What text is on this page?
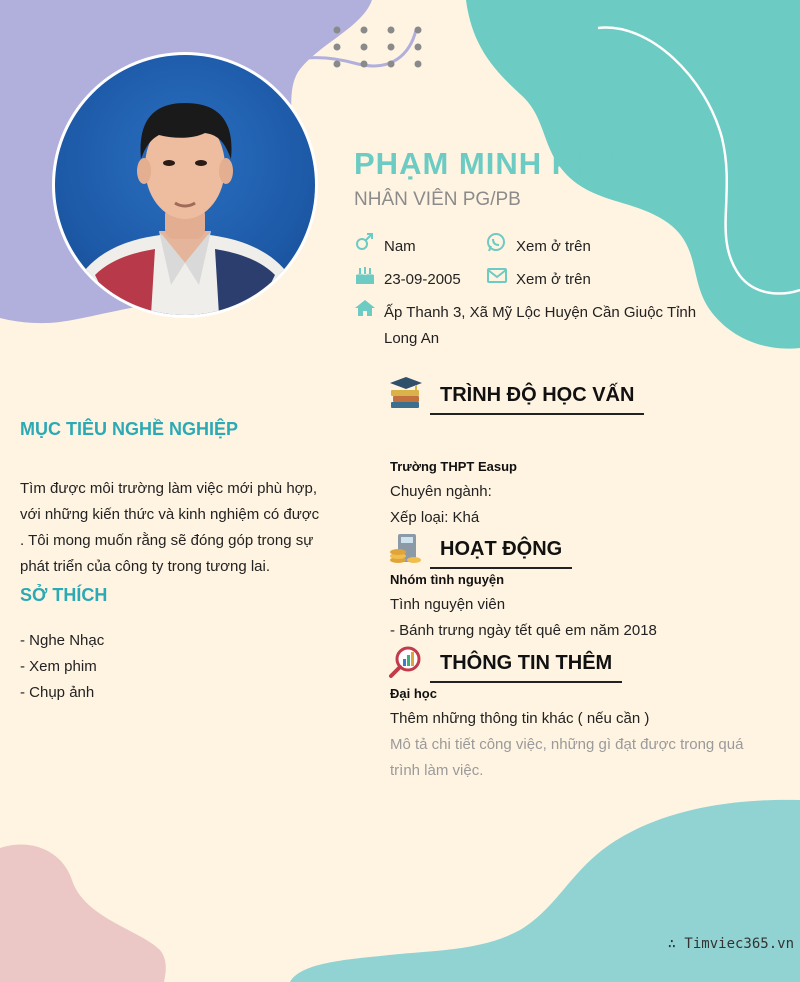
PHẠM MINH PHƯỚC
NHÂN VIÊN PG/PB
Nam	Xem ở trên
23-09-2005	Xem ở trên
Ấp Thanh 3, Xã Mỹ Lộc Huyện Cần Giuộc Tỉnh Long An
MỤC TIÊU NGHỀ NGHIỆP
Tìm được môi trường làm việc mới phù hợp, với những kiến thức và kinh nghiệm có được . Tôi mong muốn rằng sẽ đóng góp trong sự phát triển của công ty trong tương lai.
SỞ THÍCH
- Nghe Nhạc
- Xem phim
- Chụp ảnh
TRÌNH ĐỘ HỌC VẤN
Trường THPT Easup
Chuyên ngành:
Xếp loại: Khá
HOẠT ĐỘNG
Nhóm tình nguyện
Tình nguyện viên
- Bánh trưng ngày tết quê em năm 2018
THÔNG TIN THÊM
Đại học
Thêm những thông tin khác ( nếu cần )
Mô tả chi tiết công việc, những gì đạt được trong quá trình làm việc.
∴ Timviec365.vn
